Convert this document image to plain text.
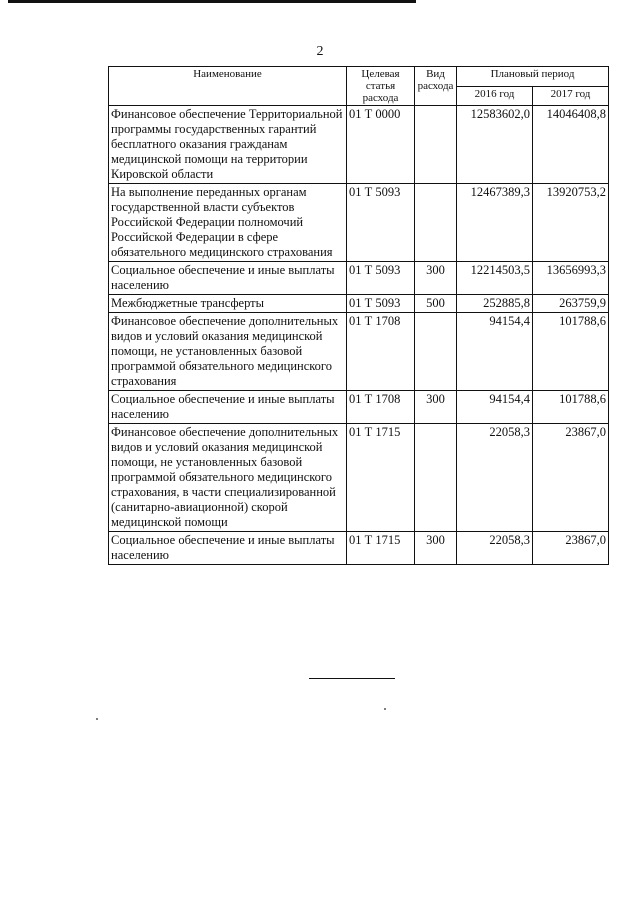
2
Наименование	Целевая статья расхода	Вид расхода	Плановый период	
			2016 год	2017 год
Финансовое обеспечение Территориальной программы государственных гарантий бесплатного оказания гражданам медицинской помощи на территории Кировской области	01 Т 0000		12583602,0	14046408,8
На выполнение переданных органам государственной власти субъектов Российской Федерации полномочий Российской Федерации в сфере обязательного медицинского страхования	01 Т 5093		12467389,3	13920753,2
Социальное обеспечение и иные выплаты населению	01 Т 5093	300	12214503,5	13656993,3
Межбюджетные трансферты	01 Т 5093	500	252885,8	263759,9
Финансовое обеспечение дополнительных видов и условий оказания медицинской помощи, не установленных базовой программой обязательного медицинского страхования	01 Т 1708		94154,4	101788,6
Социальное обеспечение и иные выплаты населению	01 Т 1708	300	94154,4	101788,6
Финансовое обеспечение дополнительных видов и условий оказания медицинской помощи, не установленных базовой программой обязательного медицинского страхования, в части специализированной (санитарно-авиационной) скорой медицинской помощи	01 Т 1715		22058,3	23867,0
Социальное обеспечение и иные выплаты населению	01 Т 1715	300	22058,3	23867,0
